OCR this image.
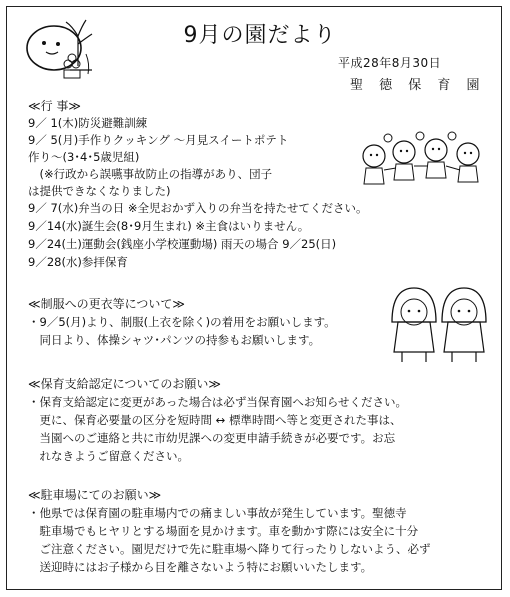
9月の園だより
平成28年8月30日
聖 徳 保 育 園
≪行 事≫
9／ 1(木)防災避難訓練
9／ 5(月)手作りクッキング ～月見スイートポテト
作り～(3･4･5歳児組)
　(※行政から誤嚥事故防止の指導があり、団子
は提供できなくなりました)
9／ 7(水)弁当の日 ※全児おかず入りの弁当を持たせてください。
9／14(水)誕生会(8･9月生まれ) ※主食はいりません。
9／24(土)運動会(銭座小学校運動場) 雨天の場合 9／25(日)
9／28(水)参拝保育
≪制服への更衣等について≫
・9／5(月)より、制服(上衣を除く)の着用をお願いします。
　同日より、体操シャツ･パンツの持参もお願いします。
≪保育支給認定についてのお願い≫
・保育支給認定に変更があった場合は必ず当保育園へお知らせください。
　更に、保育必要量の区分を短時間 ↔ 標準時間へ等と変更された事は、
　当園へのご連絡と共に市幼児課への変更申請手続きが必要です。お忘
　れなきようご留意ください。
≪駐車場にてのお願い≫
・他県では保育園の駐車場内での痛ましい事故が発生しています。聖徳寺
　駐車場でもヒヤリとする場面を見かけます。車を動かす際には安全に十分
　ご注意ください。園児だけで先に駐車場へ降りて行ったりしないよう、必ず
　送迎時にはお子様から目を離さないよう特にお願いいたします。
